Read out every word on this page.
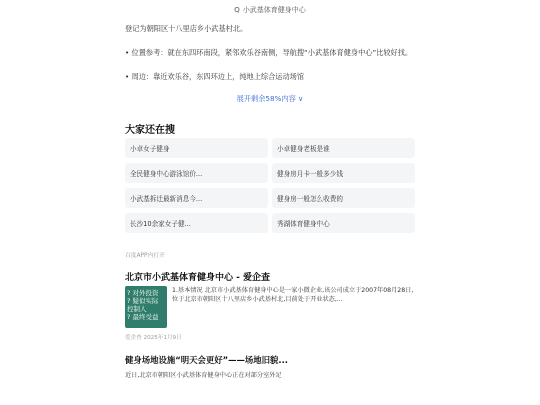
Q 小武基体育健身中心
登记为朝阳区十八里店乡小武基村北。
• 位置参考：就在东四环南段，紧邻欢乐谷南侧，导航搜“小武基体育健身中心”比较好找。
• 周边：靠近欢乐谷，东四环边上，纯地上综合运动场馆
展开剩余58%内容 ∨
大家还在搜
小卓女子健身	小卓健身老板是谁
全民健身中心游泳馆价...	健身房月卡一般多少钱
小武基拆迁最新消息今...	健身房一般怎么收费的
长沙10余家女子健...	秀湖体育健身中心
百度APP内打开
北京市小武基体育健身中心 - 爱企查
? 对外投资
? 疑似实际
控制人
? 最终受益
1.基本情况 北京市小武基体育健身中心是一家小微企业,该公司成立于2007年08月28日,位于北京市朝阳区十八里店乡小武基村北,目前处于开业状态,...
爱企查 2025年1月9日
健身场地设施“明天会更好”——场地旧貌...
近日,北京市朝阳区小武基体育健身中心正在对部分室外足
